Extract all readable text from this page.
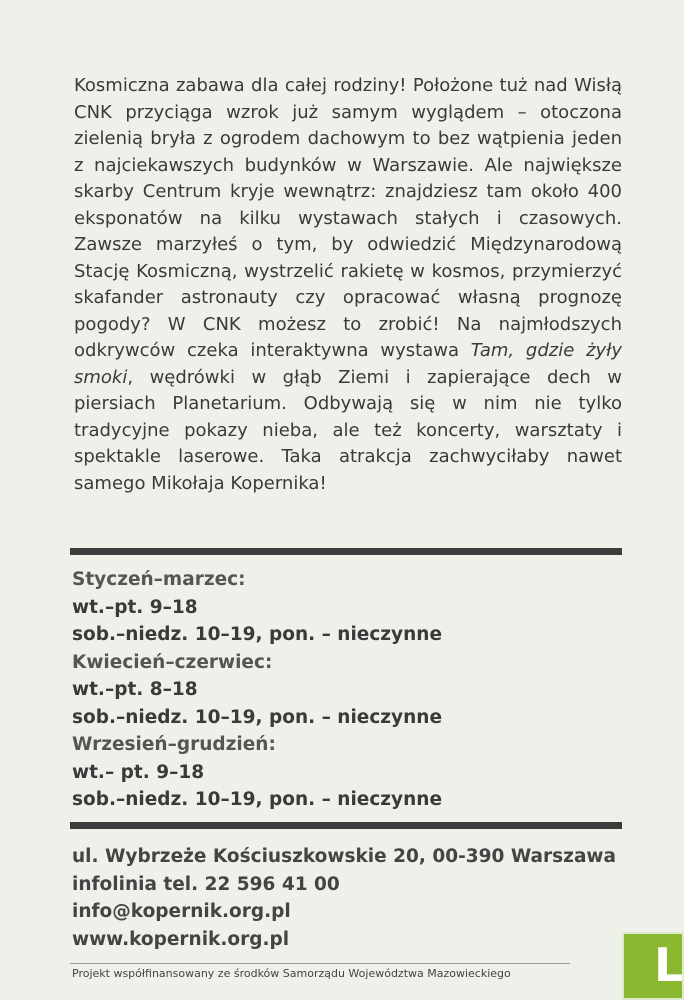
Kosmiczna zabawa dla całej rodziny! Położone tuż nad Wisłą CNK przyciąga wzrok już samym wyglądem – otoczona zielenią bryła z ogrodem dachowym to bez wątpienia jeden z najciekawszych budynków w Warszawie. Ale największe skarby Centrum kryje wewnątrz: znajdziesz tam około 400 eksponatów na kilku wystawach stałych i czasowych. Zawsze marzyłeś o tym, by odwiedzić Międzynarodową Stację Kosmiczną, wystrzelić rakietę w kosmos, przymierzyć skafander astronauty czy opracować własną prognozę pogody? W CNK możesz to zrobić! Na najmłodszych odkrywców czeka interaktywna wystawa Tam, gdzie żyły smoki, wędrówki w głąb Ziemi i zapierające dech w piersiach Planetarium. Odbywają się w nim nie tylko tradycyjne pokazy nieba, ale też koncerty, warsztaty i spektakle laserowe. Taka atrakcja zachwyciłaby nawet samego Mikołaja Kopernika!

Styczeń–marzec:
wt.–pt. 9–18
sob.–niedz. 10–19, pon. – nieczynne
Kwiecień–czerwiec:
wt.–pt. 8–18
sob.–niedz. 10–19, pon. – nieczynne
Wrzesień–grudzień:
wt.– pt. 9–18
sob.–niedz. 10–19, pon. – nieczynne
ul. Wybrzeże Kościuszkowskie 20, 00-390 Warszawa
infolinia tel. 22 596 41 00
info@kopernik.org.pl
www.kopernik.org.pl
Projekt współfinansowany ze środków Samorządu Województwa Mazowieckiego	L
